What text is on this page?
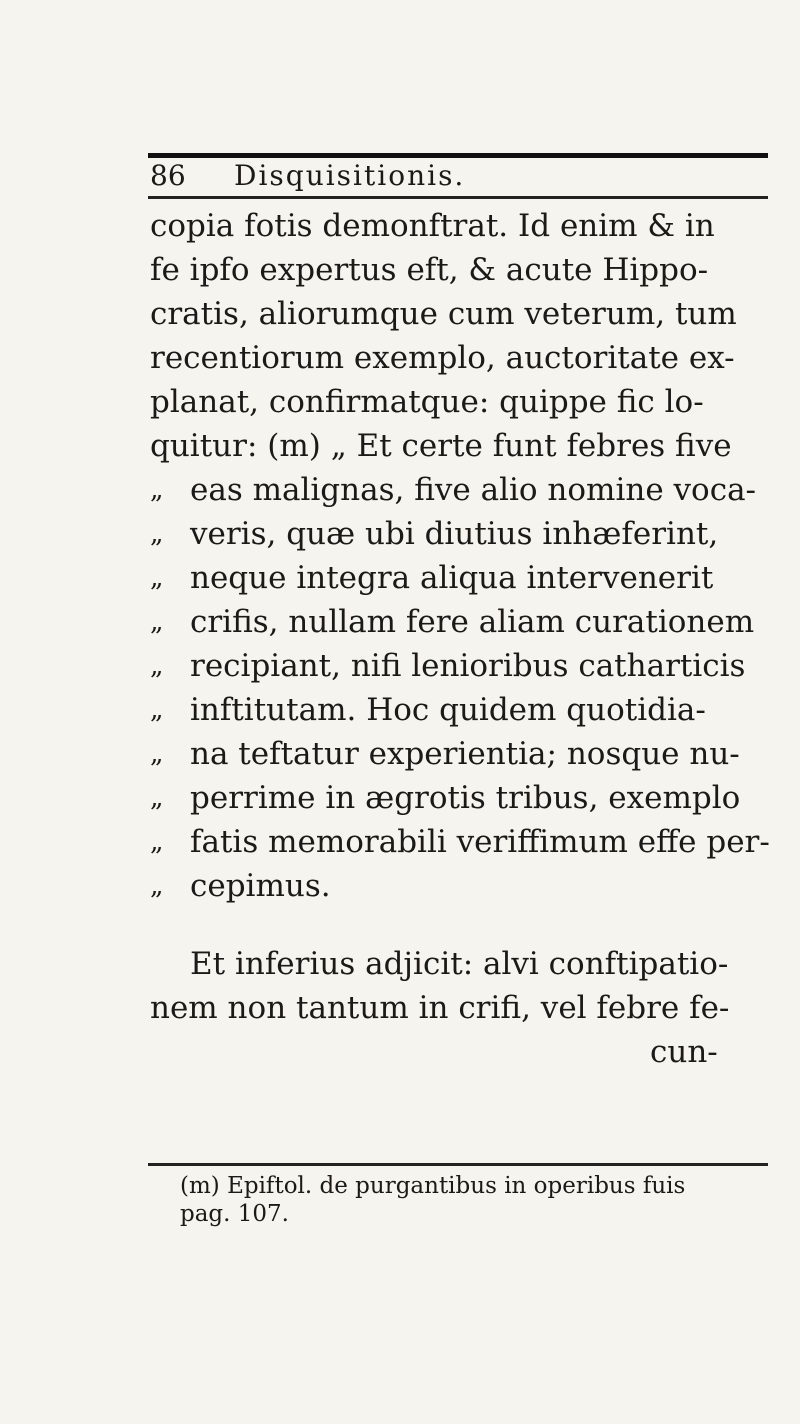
86 Disquisitionis.
copia fotis demonftrat. Id enim & in
fe ipfo expertus eft, & acute Hippo-
cratis, aliorumque cum veterum, tum
recentiorum exemplo, auctoritate ex-
planat, confirmatque: quippe fic lo-
quitur: (m) „ Et certe funt febres five
„ eas malignas, five alio nomine voca-
„ veris, quæ ubi diutius inhæferint,
„ neque integra aliqua intervenerit
„ crifis, nullam fere aliam curationem
„ recipiant, nifi lenioribus catharticis
„ inftitutam. Hoc quidem quotidia-
„ na teftatur experientia; nosque nu-
„ perrime in ægrotis tribus, exemplo
„ fatis memorabili veriffimum effe per-
„ cepimus.
Et inferius adjicit: alvi conftipatio-
nem non tantum in crifi, vel febre fe-
cun-
(m) Epiftol. de purgantibus in operibus fuis
pag. 107.
